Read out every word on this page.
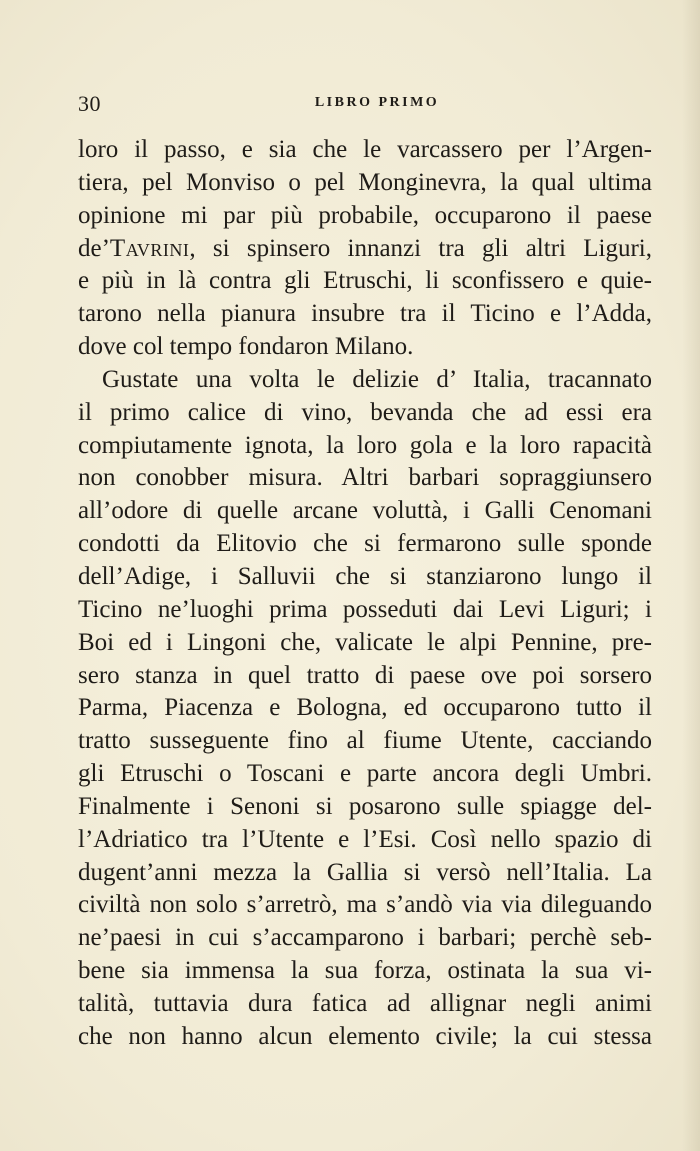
30	LIBRO PRIMO
loro il passo, e sia che le varcassero per l’Argen-
tiera, pel Monviso o pel Monginevra, la qual ultima
opinione mi par più probabile, occuparono il paese
de’Tavrini, si spinsero innanzi tra gli altri Liguri,
e più in là contra gli Etruschi, li sconfissero e quie-
tarono nella pianura insubre tra il Ticino e l’Adda,
dove col tempo fondaron Milano.
Gustate una volta le delizie d’ Italia, tracannato
il primo calice di vino, bevanda che ad essi era
compiutamente ignota, la loro gola e la loro rapacità
non conobber misura. Altri barbari sopraggiunsero
all’odore di quelle arcane voluttà, i Galli Cenomani
condotti da Elitovio che si fermarono sulle sponde
dell’Adige, i Salluvii che si stanziarono lungo il
Ticino ne’luoghi prima posseduti dai Levi Liguri; i
Boi ed i Lingoni che, valicate le alpi Pennine, pre-
sero stanza in quel tratto di paese ove poi sorsero
Parma, Piacenza e Bologna, ed occuparono tutto il
tratto susseguente fino al fiume Utente, cacciando
gli Etruschi o Toscani e parte ancora degli Umbri.
Finalmente i Senoni si posarono sulle spiagge del-
l’Adriatico tra l’Utente e l’Esi. Così nello spazio di
dugent’anni mezza la Gallia si versò nell’Italia. La
civiltà non solo s’arretrò, ma s’andò via via dileguando
ne’paesi in cui s’accamparono i barbari; perchè seb-
bene sia immensa la sua forza, ostinata la sua vi-
talità, tuttavia dura fatica ad allignar negli animi
che non hanno alcun elemento civile; la cui stessa
